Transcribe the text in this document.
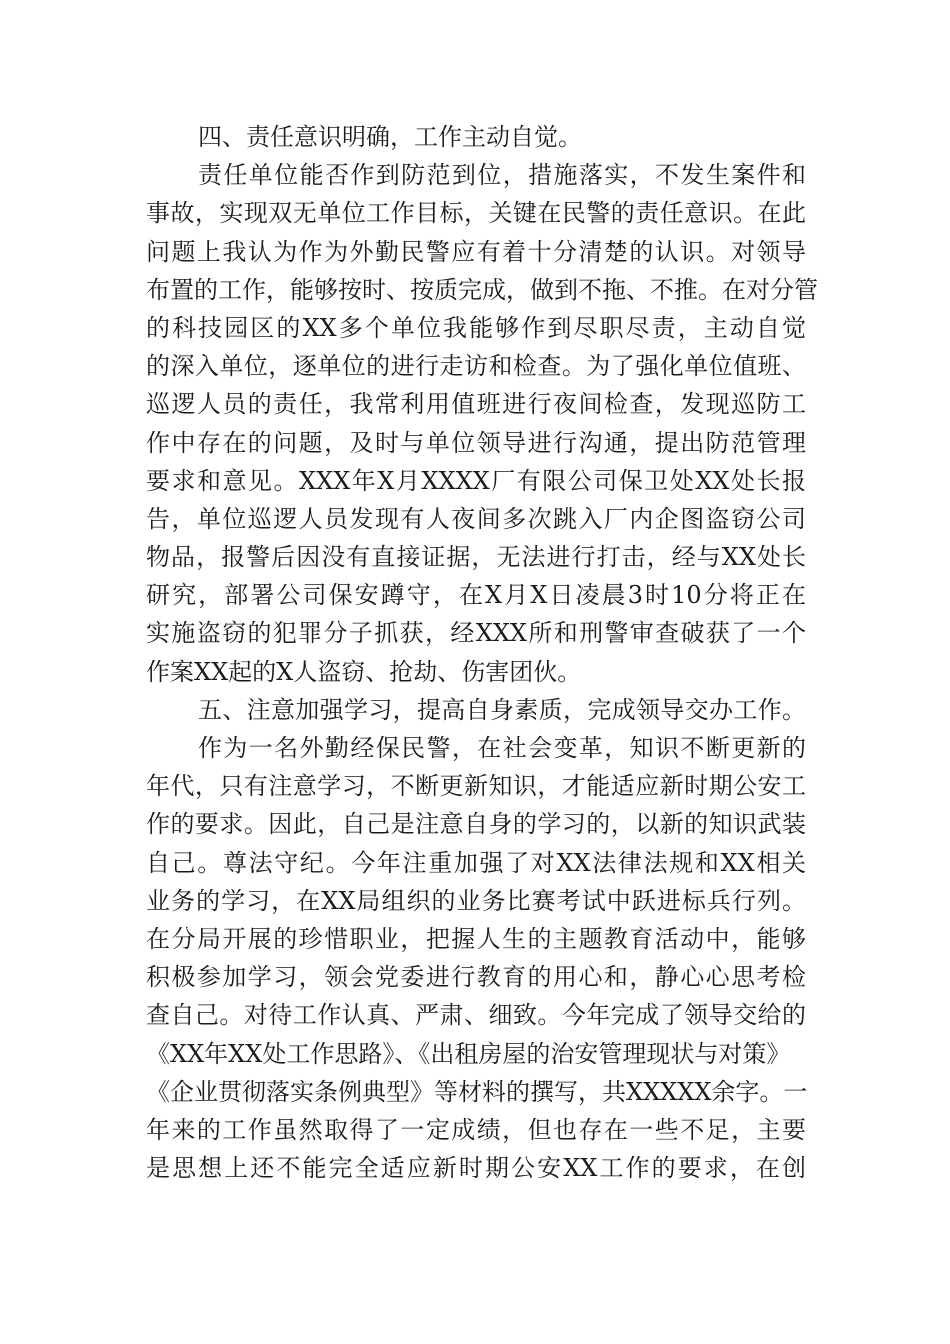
四、责任意识明确，工作主动自觉。
责任单位能否作到防范到位，措施落实，不发生案件和
事故，实现双无单位工作目标，关键在民警的责任意识。在此
问题上我认为作为外勤民警应有着十分清楚的认识。对领导
布置的工作，能够按时、按质完成，做到不拖、不推。在对分管
的科技园区的XX多个单位我能够作到尽职尽责，主动自觉
的深入单位，逐单位的进行走访和检查。为了强化单位值班、
巡逻人员的责任，我常利用值班进行夜间检查，发现巡防工
作中存在的问题，及时与单位领导进行沟通，提出防范管理
要求和意见。XXX年X月XXXX厂有限公司保卫处XX处长报
告，单位巡逻人员发现有人夜间多次跳入厂内企图盗窃公司
物品，报警后因没有直接证据，无法进行打击，经与XX处长
研究，部署公司保安蹲守，在X月X日凌晨3时10分将正在
实施盗窃的犯罪分子抓获，经XXX所和刑警审查破获了一个
作案XX起的X人盗窃、抢劫、伤害团伙。
五、注意加强学习，提高自身素质，完成领导交办工作。
作为一名外勤经保民警，在社会变革，知识不断更新的
年代，只有注意学习，不断更新知识，才能适应新时期公安工
作的要求。因此，自己是注意自身的学习的，以新的知识武装
自己。尊法守纪。今年注重加强了对XX法律法规和XX相关
业务的学习，在XX局组织的业务比赛考试中跃进标兵行列。
在分局开展的珍惜职业，把握人生的主题教育活动中，能够
积极参加学习，领会党委进行教育的用心和，静心心思考检
查自己。对待工作认真、严肃、细致。今年完成了领导交给的
《XX年XX处工作思路》、《出租房屋的治安管理现状与对策》
《企业贯彻落实条例典型》等材料的撰写，共XXXXX余字。一
年来的工作虽然取得了一定成绩，但也存在一些不足，主要
是思想上还不能完全适应新时期公安XX工作的要求，在创
